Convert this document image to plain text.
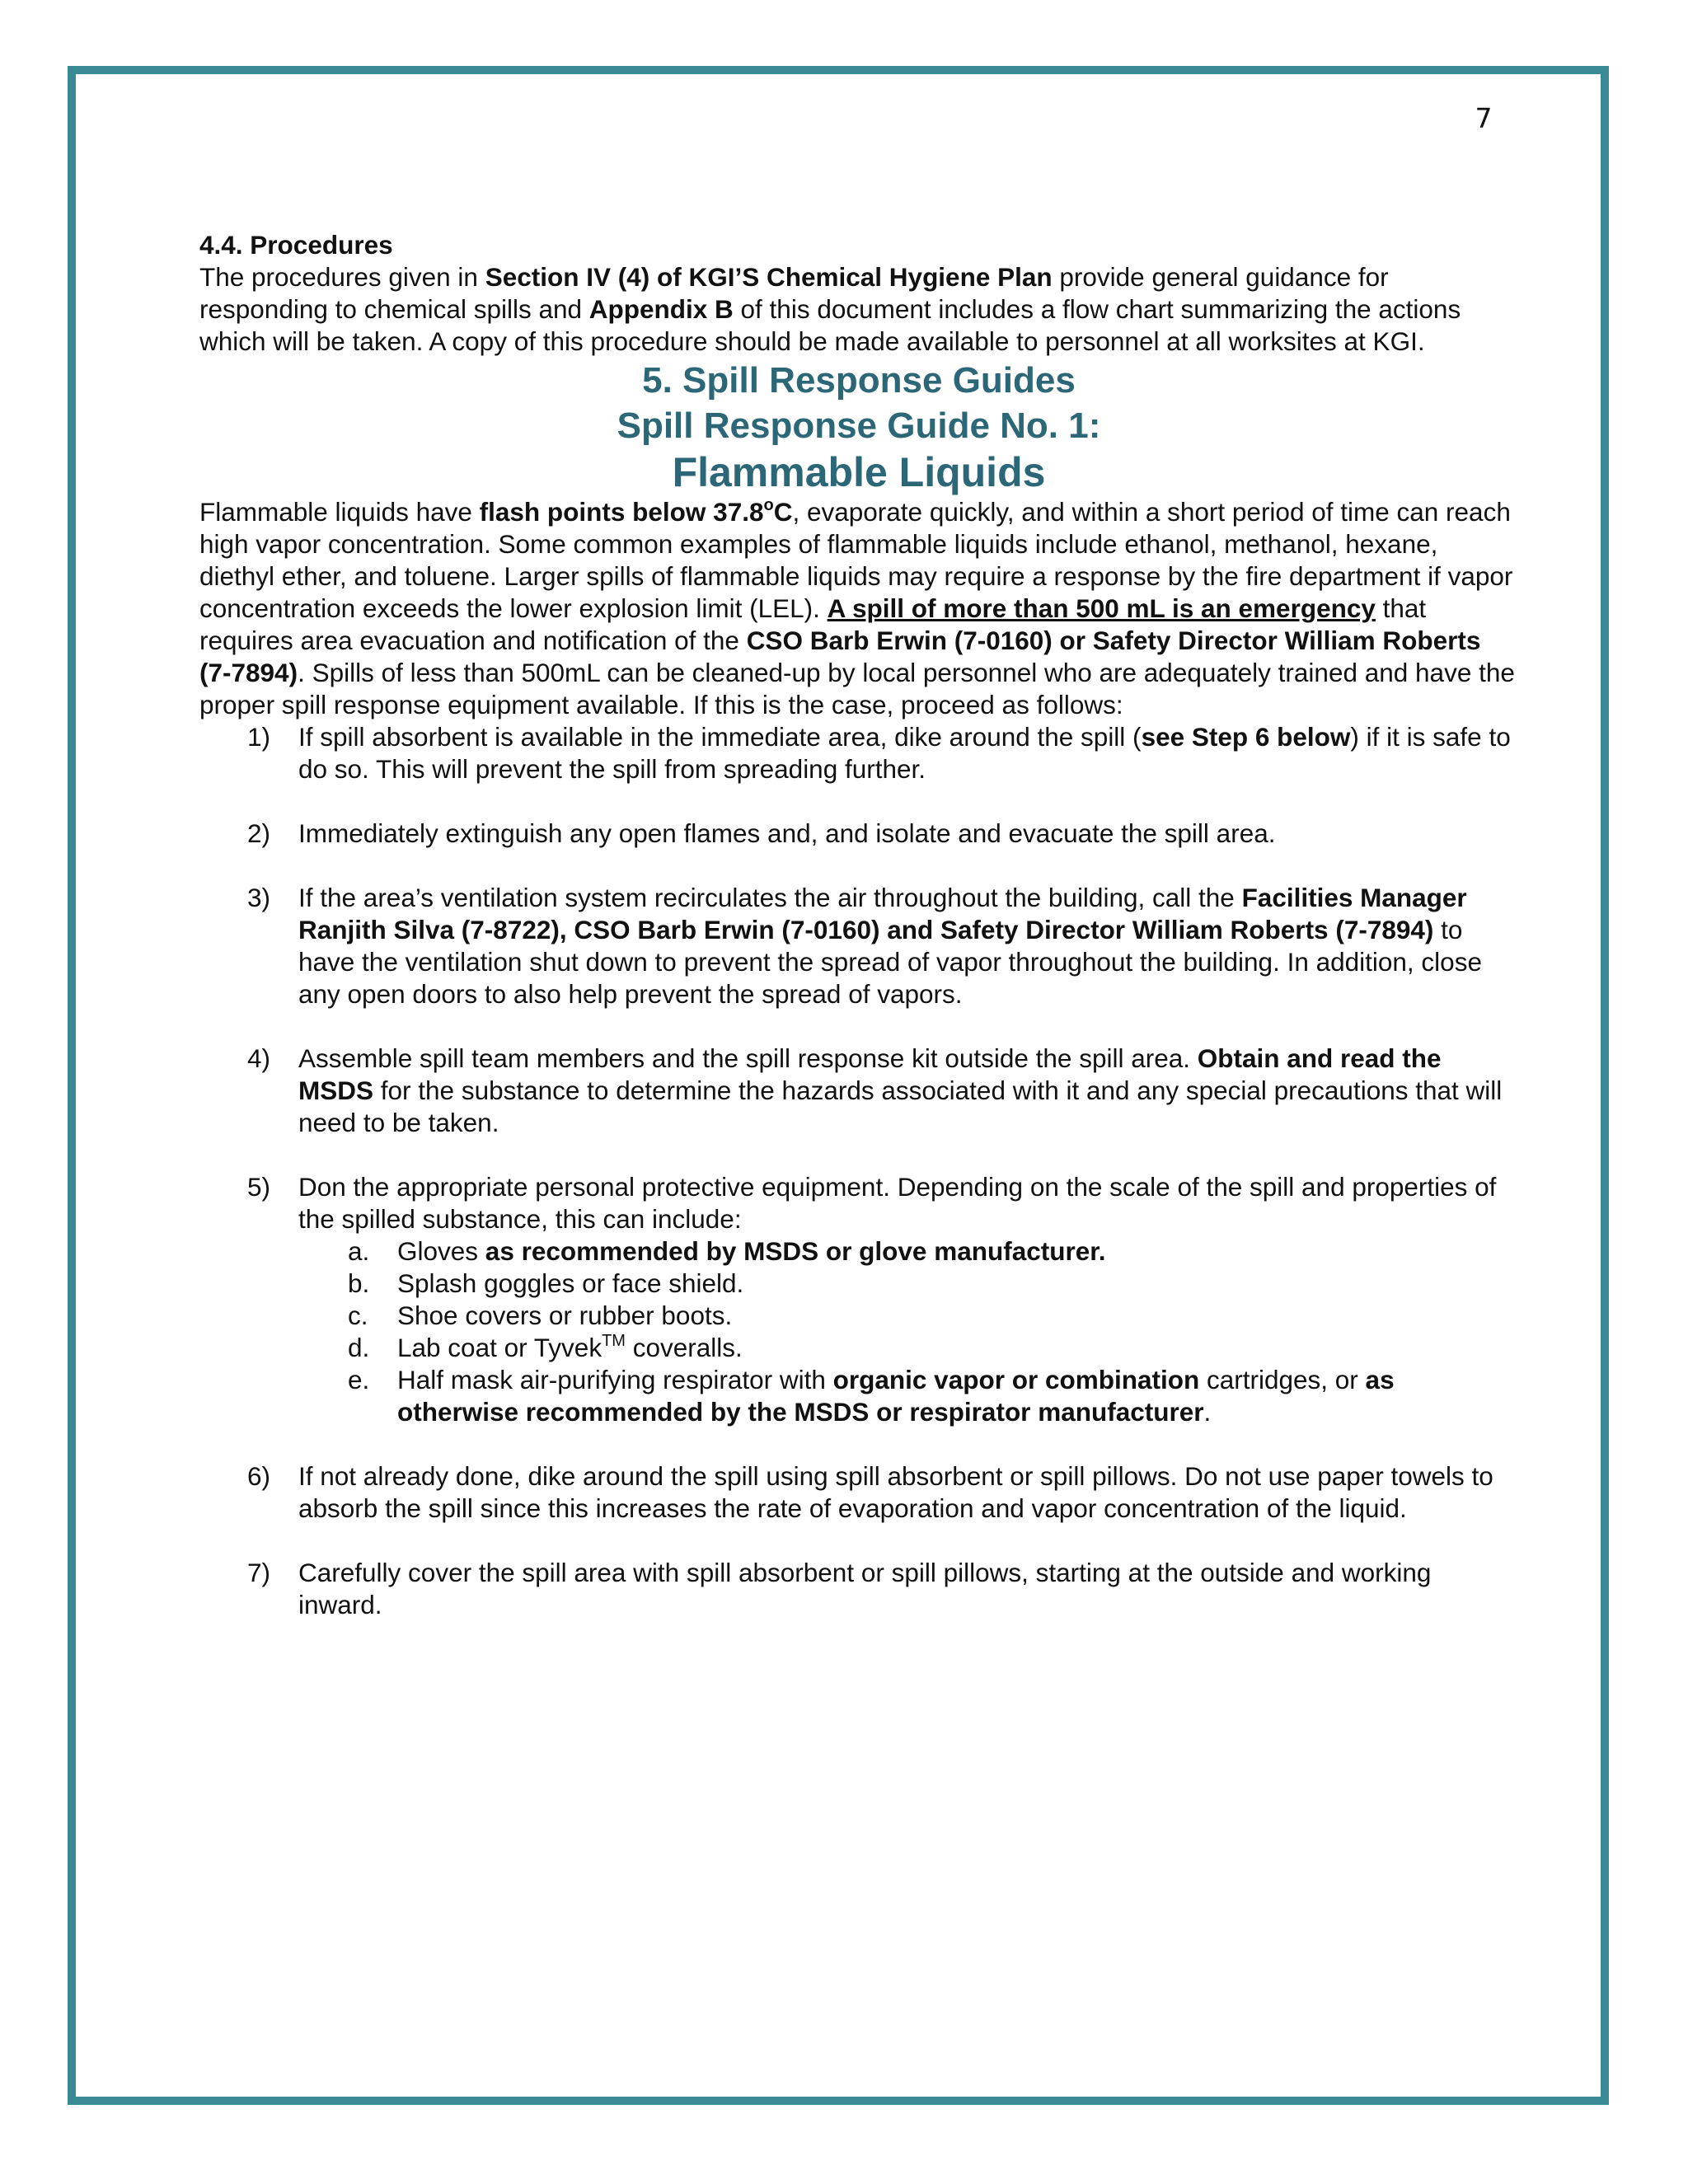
7

4.4. Procedures

The procedures given in Section IV (4) of KGI’S Chemical Hygiene Plan provide general guidance for responding to chemical spills and Appendix B of this document includes a flow chart summarizing the actions which will be taken. A copy of this procedure should be made available to personnel at all worksites at KGI.

5. Spill Response Guides

Spill Response Guide No. 1:

Flammable Liquids

Flammable liquids have flash points below 37.8$^o$C, evaporate quickly, and within a short period of time can reach high vapor concentration. Some common examples of flammable liquids include ethanol, methanol, hexane, diethyl ether, and toluene. Larger spills of flammable liquids may require a response by the fire department if vapor concentration exceeds the lower explosion limit (LEL). A spill of more than 500 mL is an emergency that requires area evacuation and notification of the CSO Barb Erwin (7-0160) or Safety Director William Roberts (7-7894). Spills of less than 500mL can be cleaned-up by local personnel who are adequately trained and have the proper spill response equipment available. If this is the case, proceed as follows:

1) If spill absorbent is available in the immediate area, dike around the spill (see Step 6 below) if it is safe to do so. This will prevent the spill from spreading further.
2) Immediately extinguish any open flames and, and isolate and evacuate the spill area.
3) If the area’s ventilation system recirculates the air throughout the building, call the Facilities Manager Ranjith Silva (7-8722), CSO Barb Erwin (7-0160) and Safety Director William Roberts (7-7894) to have the ventilation shut down to prevent the spread of vapor throughout the building. In addition, close any open doors to also help prevent the spread of vapors.
4) Assemble spill team members and the spill response kit outside the spill area. Obtain and read the MSDS for the substance to determine the hazards associated with it and any special precautions that will need to be taken.
5) Don the appropriate personal protective equipment. Depending on the scale of the spill and properties of the spilled substance, this can include:
a. Gloves as recommended by MSDS or glove manufacturer.
b. Splash goggles or face shield.
c. Shoe covers or rubber boots.
d. Lab coat or Tyvek™ coveralls.
e. Half mask air-purifying respirator with organic vapor or combination cartridges, or as otherwise recommended by the MSDS or respirator manufacturer.
6) If not already done, dike around the spill using spill absorbent or spill pillows. Do not use paper towels to absorb the spill since this increases the rate of evaporation and vapor concentration of the liquid.
7) Carefully cover the spill area with spill absorbent or spill pillows, starting at the outside and working inward.
